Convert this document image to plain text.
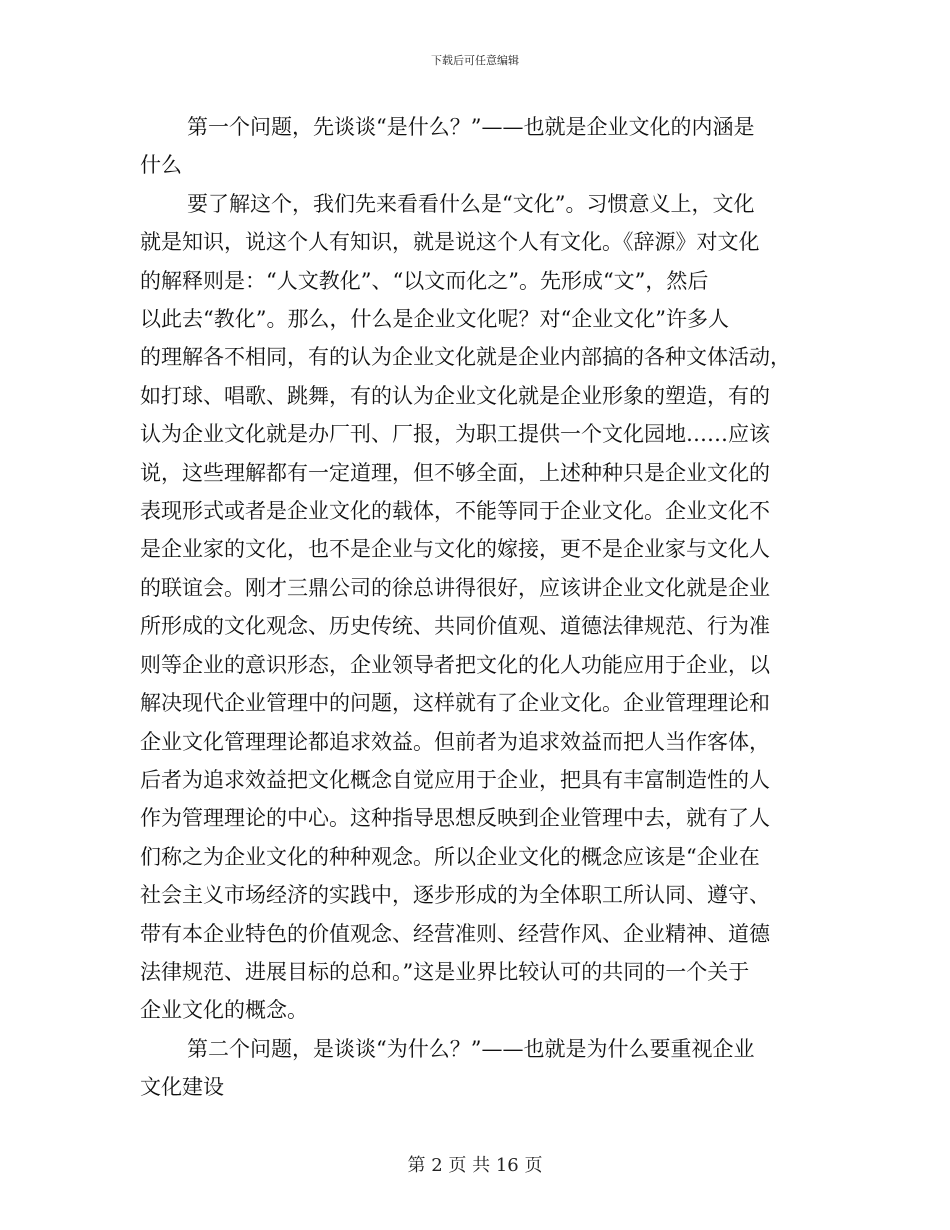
下载后可任意编辑

第一个问题，先谈谈“是什么？”——也就是企业文化的内涵是
什么

要了解这个，我们先来看看什么是“文化”。习惯意义上，文化
就是知识，说这个人有知识，就是说这个人有文化。《辞源》对文化
的解释则是：“人文教化”、“以文而化之”。先形成“文”，然后
以此去“教化”。那么，什么是企业文化呢？对“企业文化”许多人
的理解各不相同，有的认为企业文化就是企业内部搞的各种文体活动，
如打球、唱歌、跳舞，有的认为企业文化就是企业形象的塑造，有的
认为企业文化就是办厂刊、厂报，为职工提供一个文化园地……应该
说，这些理解都有一定道理，但不够全面，上述种种只是企业文化的
表现形式或者是企业文化的载体，不能等同于企业文化。企业文化不
是企业家的文化，也不是企业与文化的嫁接，更不是企业家与文化人
的联谊会。刚才三鼎公司的徐总讲得很好，应该讲企业文化就是企业
所形成的文化观念、历史传统、共同价值观、道德法律规范、行为准
则等企业的意识形态，企业领导者把文化的化人功能应用于企业，以
解决现代企业管理中的问题，这样就有了企业文化。企业管理理论和
企业文化管理理论都追求效益。但前者为追求效益而把人当作客体，
后者为追求效益把文化概念自觉应用于企业，把具有丰富制造性的人
作为管理理论的中心。这种指导思想反映到企业管理中去，就有了人
们称之为企业文化的种种观念。所以企业文化的概念应该是“企业在
社会主义市场经济的实践中，逐步形成的为全体职工所认同、遵守、
带有本企业特色的价值观念、经营准则、经营作风、企业精神、道德
法律规范、进展目标的总和。”这是业界比较认可的共同的一个关于
企业文化的概念。

第二个问题，是谈谈“为什么？”——也就是为什么要重视企业
文化建设

第 2 页 共 16 页
